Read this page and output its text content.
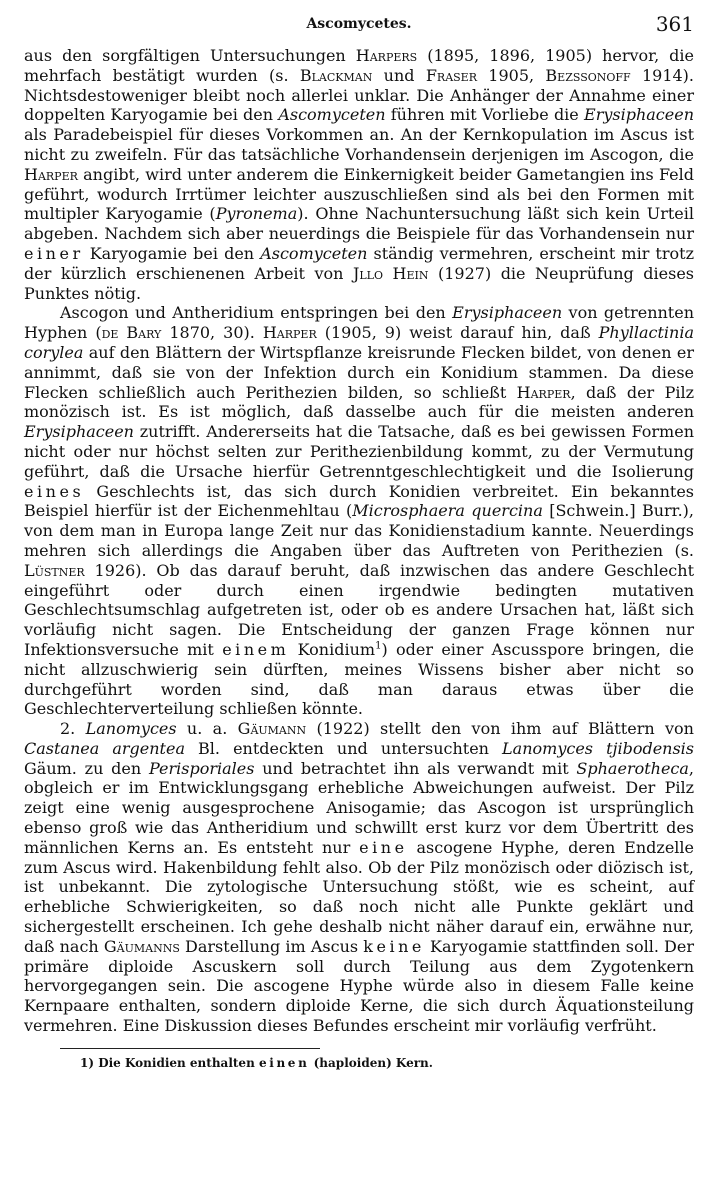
Ascomycetes.	361

aus den sorgfältigen Untersuchungen Harpers (1895, 1896, 1905) hervor, die mehrfach bestätigt wurden (s. Blackman und Fraser 1905, Bezssonoff 1914). Nichtsdestoweniger bleibt noch allerlei unklar. Die Anhänger der Annahme einer doppelten Karyogamie bei den Ascomyceten führen mit Vorliebe die Erysiphaceen als Paradebeispiel für dieses Vorkommen an. An der Kernkopulation im Ascus ist nicht zu zweifeln. Für das tatsächliche Vorhandensein derjenigen im Ascogon, die Harper angibt, wird unter anderem die Einkernigkeit beider Gametangien ins Feld geführt, wodurch Irrtümer leichter auszuschließen sind als bei den Formen mit multipler Karyogamie (Pyronema). Ohne Nachuntersuchung läßt sich kein Urteil abgeben. Nachdem sich aber neuerdings die Beispiele für das Vorhandensein nur einer Karyogamie bei den Ascomyceten ständig vermehren, erscheint mir trotz der kürzlich erschienenen Arbeit von Jllo Hein (1927) die Neuprüfung dieses Punktes nötig.

Ascogon und Antheridium entspringen bei den Erysiphaceen von getrennten Hyphen (de Bary 1870, 30). Harper (1905, 9) weist darauf hin, daß Phyllactinia corylea auf den Blättern der Wirtspflanze kreisrunde Flecken bildet, von denen er annimmt, daß sie von der Infektion durch ein Konidium stammen. Da diese Flecken schließlich auch Perithezien bilden, so schließt Harper, daß der Pilz monözisch ist. Es ist möglich, daß dasselbe auch für die meisten anderen Erysiphaceen zutrifft. Andererseits hat die Tatsache, daß es bei gewissen Formen nicht oder nur höchst selten zur Perithezienbildung kommt, zu der Vermutung geführt, daß die Ursache hierfür Getrenntgeschlechtigkeit und die Isolierung eines Geschlechts ist, das sich durch Konidien verbreitet. Ein bekanntes Beispiel hierfür ist der Eichenmehltau (Microsphaera quercina [Schwein.] Burr.), von dem man in Europa lange Zeit nur das Konidienstadium kannte. Neuerdings mehren sich allerdings die Angaben über das Auftreten von Perithezien (s. Lüstner 1926). Ob das darauf beruht, daß inzwischen das andere Geschlecht eingeführt oder durch einen irgendwie bedingten mutativen Geschlechtsumschlag aufgetreten ist, oder ob es andere Ursachen hat, läßt sich vorläufig nicht sagen. Die Entscheidung der ganzen Frage können nur Infektionsversuche mit einem Konidium$^1$) oder einer Ascusspore bringen, die nicht allzuschwierig sein dürften, meines Wissens bisher aber nicht so durchgeführt worden sind, daß man daraus etwas über die Geschlechterverteilung schließen könnte.

2. Lanomyces u. a. Gäumann (1922) stellt den von ihm auf Blättern von Castanea argentea Bl. entdeckten und untersuchten Lanomyces tjibodensis Gäum. zu den Perisporiales und betrachtet ihn als verwandt mit Sphaerotheca, obgleich er im Entwicklungsgang erhebliche Abweichungen aufweist. Der Pilz zeigt eine wenig ausgesprochene Anisogamie; das Ascogon ist ursprünglich ebenso groß wie das Antheridium und schwillt erst kurz vor dem Übertritt des männlichen Kerns an. Es entsteht nur eine ascogene Hyphe, deren Endzelle zum Ascus wird. Hakenbildung fehlt also. Ob der Pilz monözisch oder diözisch ist, ist unbekannt. Die zytologische Untersuchung stößt, wie es scheint, auf erhebliche Schwierigkeiten, so daß noch nicht alle Punkte geklärt und sichergestellt erscheinen. Ich gehe deshalb nicht näher darauf ein, erwähne nur, daß nach Gäumanns Darstellung im Ascus keine Karyogamie stattfinden soll. Der primäre diploide Ascuskern soll durch Teilung aus dem Zygotenkern hervorgegangen sein. Die ascogene Hyphe würde also in diesem Falle keine Kernpaare enthalten, sondern diploide Kerne, die sich durch Äquationsteilung vermehren. Eine Diskussion dieses Befundes erscheint mir vorläufig verfrüht.

1) Die Konidien enthalten einen (haploiden) Kern.
